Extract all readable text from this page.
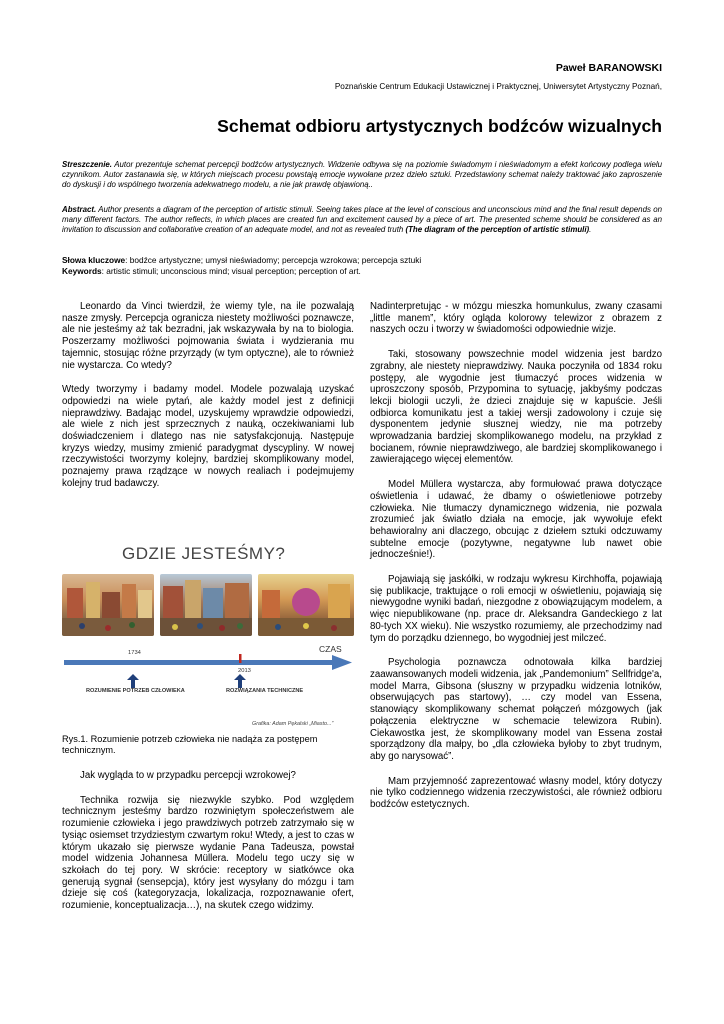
Paweł BARANOWSKI
Poznańskie Centrum Edukacji Ustawicznej i Praktycznej, Uniwersytet Artystyczny Poznań,
Schemat odbioru artystycznych bodźców wizualnych
Streszczenie. Autor prezentuje schemat percepcji bodźców artystycznych. Widzenie odbywa się na poziomie świadomym i nieświadomym a efekt końcowy podlega wielu czynnikom. Autor zastanawia się, w których miejscach procesu powstają emocje wywołane przez dzieło sztuki. Przedstawiony schemat należy traktować jako zaproszenie do dyskusji i do wspólnego tworzenia adekwatnego modelu, a nie jak prawdę objawioną..
Abstract. Author presents a diagram of the perception of artistic stimuli. Seeing takes place at the level of conscious and unconscious mind and the final result depends on many different factors. The author reflects, in which places are created fun and excitement caused by a piece of art. The presented scheme should be considered as an invitation to discussion and collaborative creation of an adequate model, and not as revealed truth (The diagram of the perception of artistic stimuli).
Słowa kluczowe: bodźce artystyczne; umysł nieświadomy; percepcja wzrokowa; percepcja sztuki
Keywords: artistic stimuli; unconscious mind; visual perception; perception of art.

Leonardo da Vinci twierdził, że wiemy tyle, na ile pozwalają nasze zmysły. Percepcja ogranicza niestety możliwości poznawcze, ale nie jesteśmy aż tak bezradni, jak wskazywała by na to biologia. Poszerzamy możliwości pojmowania świata i wydzierania mu tajemnic, stosując różne przyrządy (w tym optyczne), ale to również nie wystarcza. Co wtedy?

Wtedy tworzymy i badamy model. Modele pozwalają uzyskać odpowiedzi na wiele pytań, ale każdy model jest z definicji nieprawdziwy. Badając model, uzyskujemy wprawdzie odpowiedzi, ale wiele z nich jest sprzecznych z nauką, oczekiwaniami lub doświadczeniem i dlatego nas nie satysfakcjonują. Następuje kryzys wiedzy, musimy zmienić paradygmat dyscypliny. W nowej rzeczywistości tworzymy kolejny, bardziej skomplikowany model, poznajemy prawa rządzące w nowych realiach i podejmujemy kolejny trud badawczy.

GDZIE JESTEŚMY?
1734	CZAS
2013
ROZUMIENIE POTRZEB CZŁOWIEKA	ROZWIĄZANIA TECHNICZNE
Grafika: Adam Pękalski „Miasto...”
Rys.1. Rozumienie potrzeb człowieka nie nadąża za postępem technicznym.

Jak wygląda to w przypadku percepcji wzrokowej?

Technika rozwija się niezwykle szybko. Pod względem technicznym jesteśmy bardzo rozwiniętym społeczeństwem ale rozumienie człowieka i jego prawdziwych potrzeb zatrzymało się w tysiąc osiemset trzydziestym czwartym roku! Wtedy, a jest to czas w którym ukazało się pierwsze wydanie Pana Tadeusza, powstał model widzenia Johannesa Müllera. Modelu tego uczy się w szkołach do tej pory. W skrócie: receptory w siatkówce oka generują sygnał (sensepcja), który jest wysyłany do mózgu i tam dzieje się coś (kategoryzacja, lokalizacja, rozpoznawanie ofert, rozumienie, konceptualizacja…), na skutek czego widzimy.

Nadinterpretując - w mózgu mieszka homunkulus, zwany czasami „little manem”, który ogląda kolorowy telewizor z obrazem z naszych oczu i tworzy w świadomości odpowiednie wizje.

Taki, stosowany powszechnie model widzenia jest bardzo zgrabny, ale niestety nieprawdziwy. Nauka poczyniła od 1834 roku postępy, ale wygodnie jest tłumaczyć proces widzenia w uproszczony sposób, Przypomina to sytuację, jakbyśmy podczas lekcji biologii uczyli, że dzieci znajduje się w kapuście. Jeśli odbiorca komunikatu jest a takiej wersji zadowolony i czuje się dysponentem jedynie słusznej wiedzy, nie ma potrzeby wprowadzania bardziej skomplikowanego modelu, na przykład z bocianem, równie nieprawdziwego, ale bardziej skomplikowanego i zawierającego więcej elementów.

Model Müllera wystarcza, aby formułować prawa dotyczące oświetlenia i udawać, że dbamy o oświetleniowe potrzeby człowieka. Nie tłumaczy dynamicznego widzenia, nie pozwala zrozumieć jak światło działa na emocje, jak wywołuje efekt behawioralny ani dlaczego, obcując z dziełem sztuki odczuwamy subtelne emocje (pozytywne, negatywne lub nawet obie jednocześnie!).

Pojawiają się jaskółki, w rodzaju wykresu Kirchhoffa, pojawiają się publikacje, traktujące o roli emocji w oświetleniu, pojawiają się niewygodne wyniki badań, niezgodne z obowiązującym modelem, a więc niepublikowane (np. prace dr. Aleksandra Gandeckiego z lat 80-tych XX wieku). Nie wszystko rozumiemy, ale przechodzimy nad tym do porządku dziennego, bo wygodniej jest milczeć.

Psychologia poznawcza odnotowała kilka bardziej zaawansowanych modeli widzenia, jak „Pandemonium” Sellfridge'a, model Marra, Gibsona (słuszny w przypadku widzenia lotników, obserwujących pas startowy), … czy model van Essena, stanowiący skomplikowany schemat połączeń mózgowych (jak połączenia elektryczne w schemacie telewizora Rubin). Ciekawostka jest, że skomplikowany model van Essena został sporządzony dla małpy, bo „dla człowieka byłoby to zbyt trudnym, aby go narysować”.

Mam przyjemność zaprezentować własny model, który dotyczy nie tylko codziennego widzenia rzeczywistości, ale również odbioru bodźców estetycznych.
